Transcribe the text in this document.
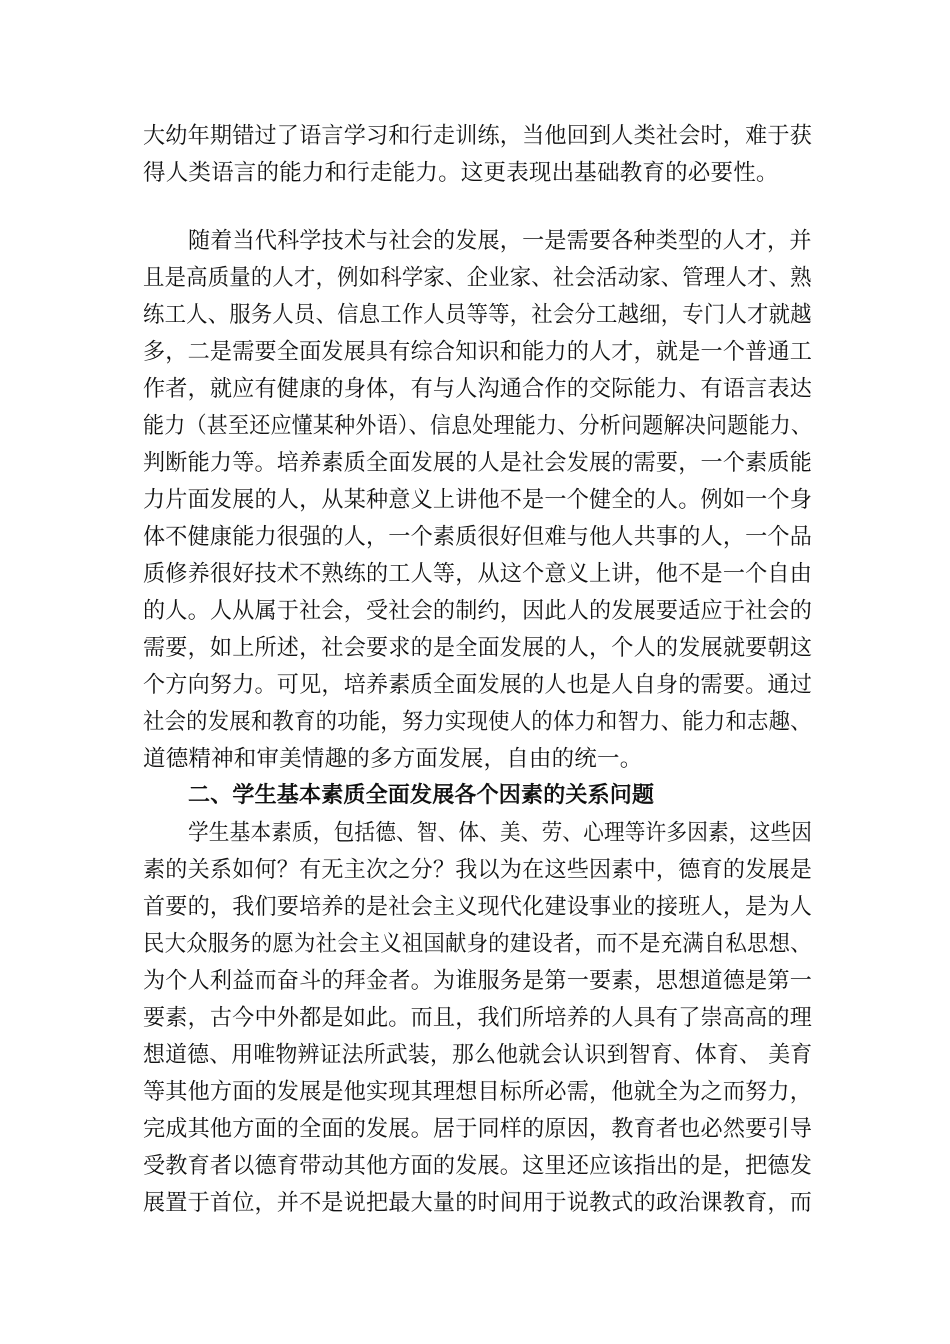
大幼年期错过了语言学习和行走训练，当他回到人类社会时，难于获
得人类语言的能力和行走能力。这更表现出基础教育的必要性。
随着当代科学技术与社会的发展，一是需要各种类型的人才，并
且是高质量的人才，例如科学家、企业家、社会活动家、管理人才、熟
练工人、服务人员、信息工作人员等等，社会分工越细，专门人才就越
多，二是需要全面发展具有综合知识和能力的人才，就是一个普通工
作者，就应有健康的身体，有与人沟通合作的交际能力、有语言表达
能力（甚至还应懂某种外语）、信息处理能力、分析问题解决问题能力、
判断能力等。培养素质全面发展的人是社会发展的需要，一个素质能
力片面发展的人，从某种意义上讲他不是一个健全的人。例如一个身
体不健康能力很强的人，一个素质很好但难与他人共事的人，一个品
质修养很好技术不熟练的工人等，从这个意义上讲，他不是一个自由
的人。人从属于社会，受社会的制约，因此人的发展要适应于社会的
需要，如上所述，社会要求的是全面发展的人，个人的发展就要朝这
个方向努力。可见，培养素质全面发展的人也是人自身的需要。通过
社会的发展和教育的功能，努力实现使人的体力和智力、能力和志趣、
道德精神和审美情趣的多方面发展，自由的统一。
二、学生基本素质全面发展各个因素的关系问题
学生基本素质，包括德、智、体、美、劳、心理等许多因素，这些因
素的关系如何？有无主次之分？我以为在这些因素中，德育的发展是
首要的，我们要培养的是社会主义现代化建设事业的接班人，是为人
民大众服务的愿为社会主义祖国献身的建设者，而不是充满自私思想、
为个人利益而奋斗的拜金者。为谁服务是第一要素，思想道德是第一
要素，古今中外都是如此。而且，我们所培养的人具有了崇高高的理
想道德、用唯物辨证法所武装，那么他就会认识到智育、体育、 美育
等其他方面的发展是他实现其理想目标所必需，他就全为之而努力，
完成其他方面的全面的发展。居于同样的原因，教育者也必然要引导
受教育者以德育带动其他方面的发展。这里还应该指出的是，把德发
展置于首位，并不是说把最大量的时间用于说教式的政治课教育，而
